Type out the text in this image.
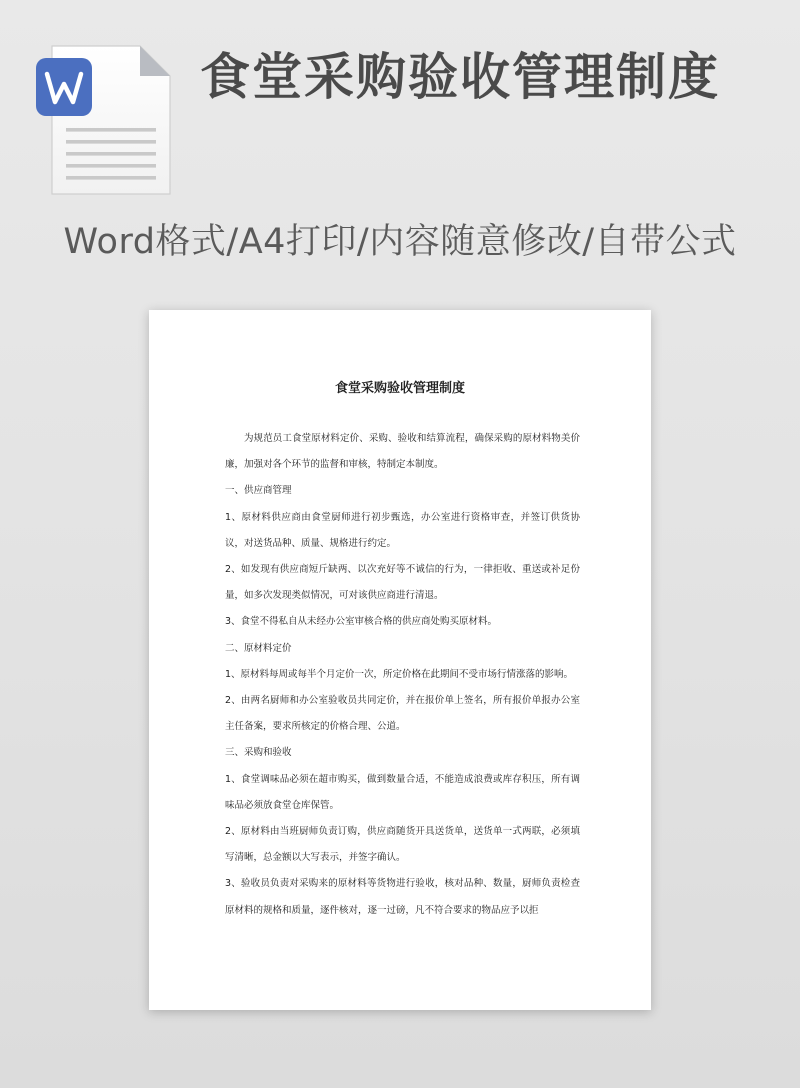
食堂采购验收管理制度

Word格式/A4打印/内容随意修改/自带公式

食堂采购验收管理制度

为规范员工食堂原材料定价、采购、验收和结算流程，确保采购的原材料物美价廉，加强对各个环节的监督和审核，特制定本制度。

一、供应商管理

1、原材料供应商由食堂厨师进行初步甄选，办公室进行资格审查，并签订供货协议，对送货品种、质量、规格进行约定。

2、如发现有供应商短斤缺两、以次充好等不诚信的行为，一律拒收、重送或补足份量，如多次发现类似情况，可对该供应商进行清退。

3、食堂不得私自从未经办公室审核合格的供应商处购买原材料。

二、原材料定价

1、原材料每周或每半个月定价一次，所定价格在此期间不受市场行情涨落的影响。

2、由两名厨师和办公室验收员共同定价，并在报价单上签名，所有报价单报办公室主任备案，要求所核定的价格合理、公道。

三、采购和验收

1、食堂调味品必须在超市购买，做到数量合适，不能造成浪费或库存积压，所有调味品必须放食堂仓库保管。

2、原材料由当班厨师负责订购，供应商随货开具送货单，送货单一式两联，必须填写清晰，总金额以大写表示，并签字确认。

3、验收员负责对采购来的原材料等货物进行验收，核对品种、数量，厨师负责检查原材料的规格和质量，逐件核对，逐一过磅，凡不符合要求的物品应予以拒
